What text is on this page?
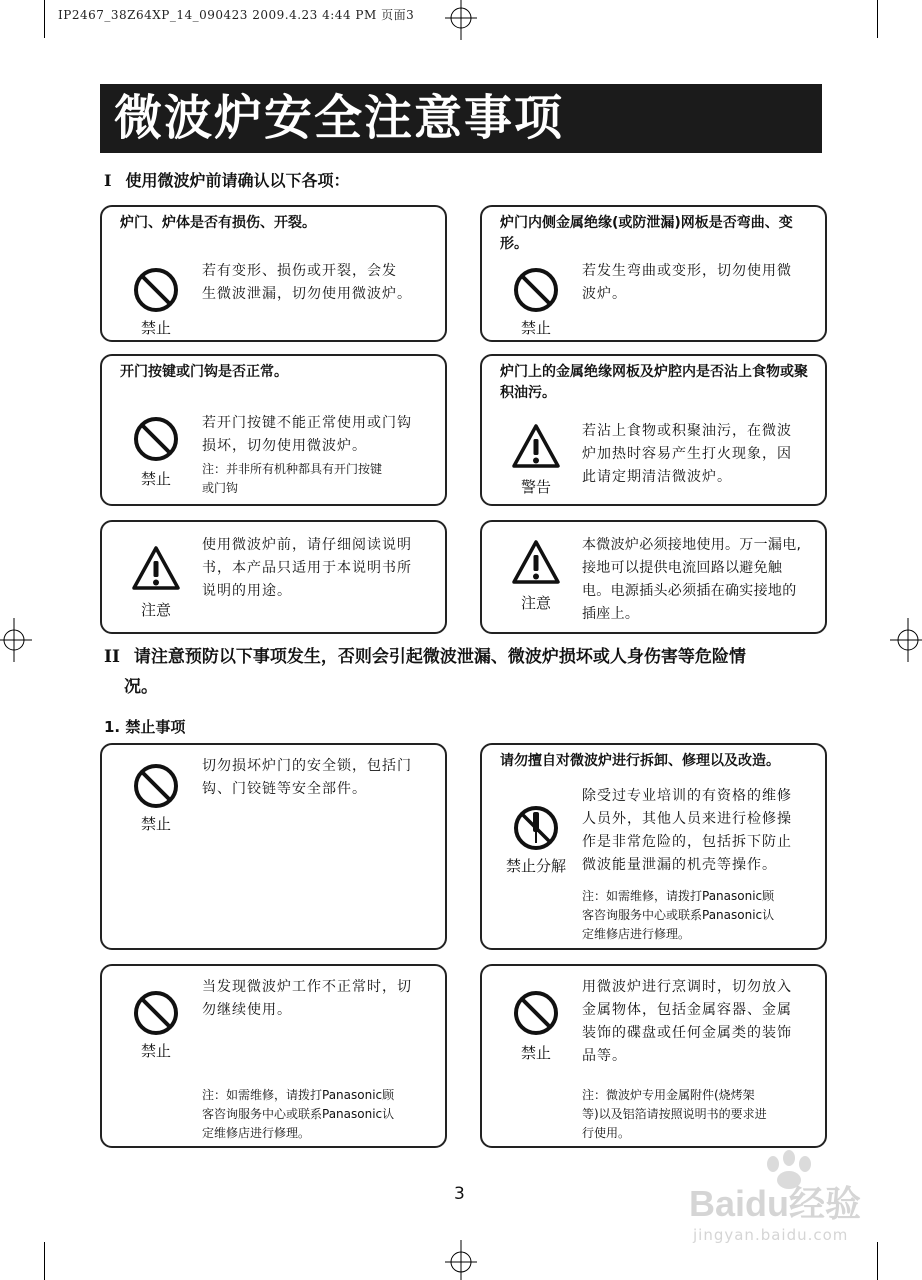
IP2467_38Z64XP_14_090423 2009.4.23 4:44 PM 页面3
微波炉安全注意事项
I 使用微波炉前请确认以下各项：
炉门、炉体是否有损伤、开裂。
禁止
若有变形、损伤或开裂，会发
生微波泄漏，切勿使用微波炉。
炉门内侧金属绝缘(或防泄漏)网板是否弯曲、变形。
禁止
若发生弯曲或变形，切勿使用微
波炉。
开门按键或门钩是否正常。
禁止
若开门按键不能正常使用或门钩
损坏，切勿使用微波炉。
注：并非所有机种都具有开门按键
或门钩
炉门上的金属绝缘网板及炉腔内是否沾上食物或聚积油污。
警告
若沾上食物或积聚油污，在微波
炉加热时容易产生打火现象，因
此请定期清洁微波炉。
注意
使用微波炉前，请仔细阅读说明
书，本产品只适用于本说明书所
说明的用途。
注意
本微波炉必须接地使用。万一漏电,
接地可以提供电流回路以避免触
电。电源插头必须插在确实接地的
插座上。
II 请注意预防以下事项发生，否则会引起微波泄漏、微波炉损坏或人身伤害等危险情
况。
1. 禁止事项
禁止
切勿损坏炉门的安全锁，包括门
钩、门铰链等安全部件。
请勿擅自对微波炉进行拆卸、修理以及改造。
禁止分解
除受过专业培训的有资格的维修
人员外，其他人员来进行检修操
作是非常危险的，包括拆下防止
微波能量泄漏的机壳等操作。
注：如需维修，请拨打Panasonic顾
客咨询服务中心或联系Panasonic认
定维修店进行修理。
禁止
当发现微波炉工作不正常时，切
勿继续使用。
注：如需维修，请拨打Panasonic顾
客咨询服务中心或联系Panasonic认
定维修店进行修理。
禁止
用微波炉进行烹调时，切勿放入
金属物体，包括金属容器、金属
装饰的碟盘或任何金属类的装饰
品等。
注：微波炉专用金属附件(烧烤架
等)以及铝箔请按照说明书的要求进
行使用。
3	Baidu经验
jingyan.baidu.com
